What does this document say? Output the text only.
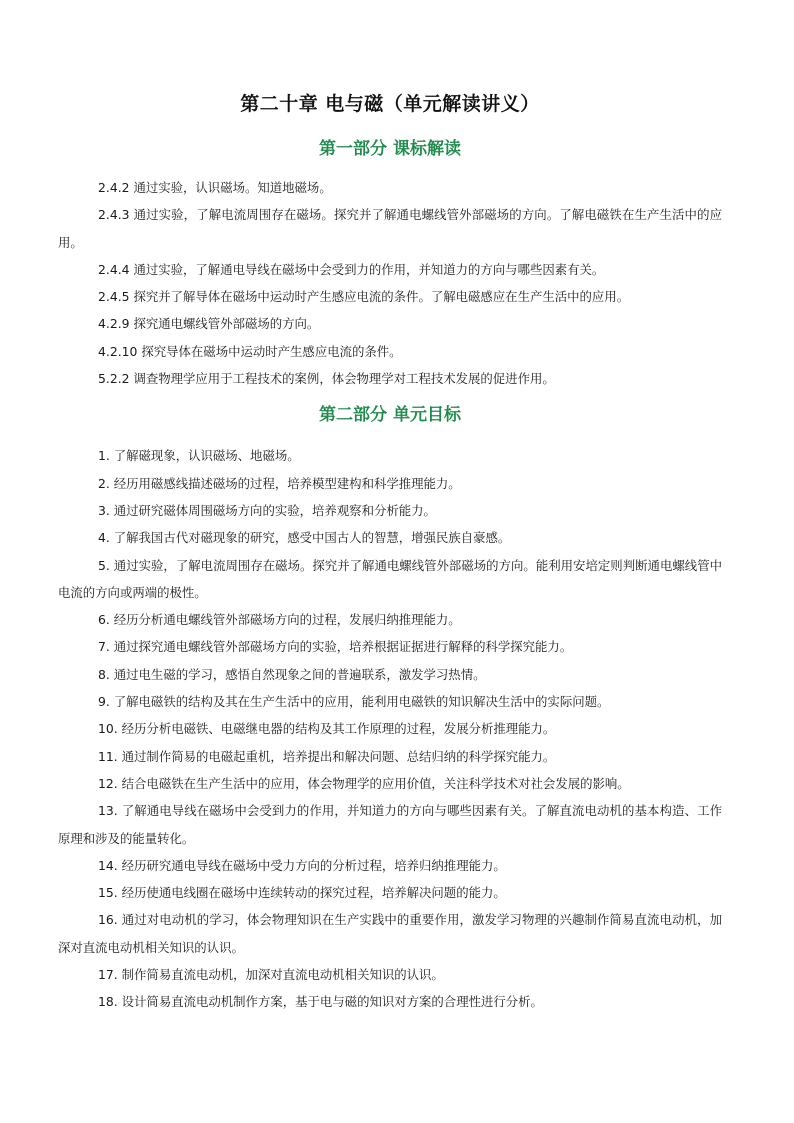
第二十章 电与磁（单元解读讲义）
第一部分 课标解读

2.4.2 通过实验，认识磁场。知道地磁场。

2.4.3 通过实验，了解电流周围存在磁场。探究并了解通电螺线管外部磁场的方向。了解电磁铁在生产生活中的应用。

2.4.4 通过实验，了解通电导线在磁场中会受到力的作用，并知道力的方向与哪些因素有关。

2.4.5 探究并了解导体在磁场中运动时产生感应电流的条件。了解电磁感应在生产生活中的应用。

4.2.9 探究通电螺线管外部磁场的方向。

4.2.10 探究导体在磁场中运动时产生感应电流的条件。

5.2.2 调查物理学应用于工程技术的案例，体会物理学对工程技术发展的促进作用。

第二部分 单元目标

1. 了解磁现象，认识磁场、地磁场。

2. 经历用磁感线描述磁场的过程，培养模型建构和科学推理能力。

3. 通过研究磁体周围磁场方向的实验，培养观察和分析能力。

4. 了解我国古代对磁现象的研究，感受中国古人的智慧，增强民族自豪感。

5. 通过实验，了解电流周围存在磁场。探究并了解通电螺线管外部磁场的方向。能利用安培定则判断通电螺线管中电流的方向或两端的极性。

6. 经历分析通电螺线管外部磁场方向的过程，发展归纳推理能力。

7. 通过探究通电螺线管外部磁场方向的实验，培养根据证据进行解释的科学探究能力。

8. 通过电生磁的学习，感悟自然现象之间的普遍联系，激发学习热情。

9. 了解电磁铁的结构及其在生产生活中的应用，能利用电磁铁的知识解决生活中的实际问题。

10. 经历分析电磁铁、电磁继电器的结构及其工作原理的过程，发展分析推理能力。

11. 通过制作简易的电磁起重机，培养提出和解决问题、总结归纳的科学探究能力。

12. 结合电磁铁在生产生活中的应用，体会物理学的应用价值，关注科学技术对社会发展的影响。

13. 了解通电导线在磁场中会受到力的作用，并知道力的方向与哪些因素有关。了解直流电动机的基本构造、工作原理和涉及的能量转化。

14. 经历研究通电导线在磁场中受力方向的分析过程，培养归纳推理能力。

15. 经历使通电线圈在磁场中连续转动的探究过程，培养解决问题的能力。

16. 通过对电动机的学习，体会物理知识在生产实践中的重要作用，激发学习物理的兴趣制作简易直流电动机，加深对直流电动机相关知识的认识。

17. 制作简易直流电动机，加深对直流电动机相关知识的认识。

18. 设计简易直流电动机制作方案，基于电与磁的知识对方案的合理性进行分析。
